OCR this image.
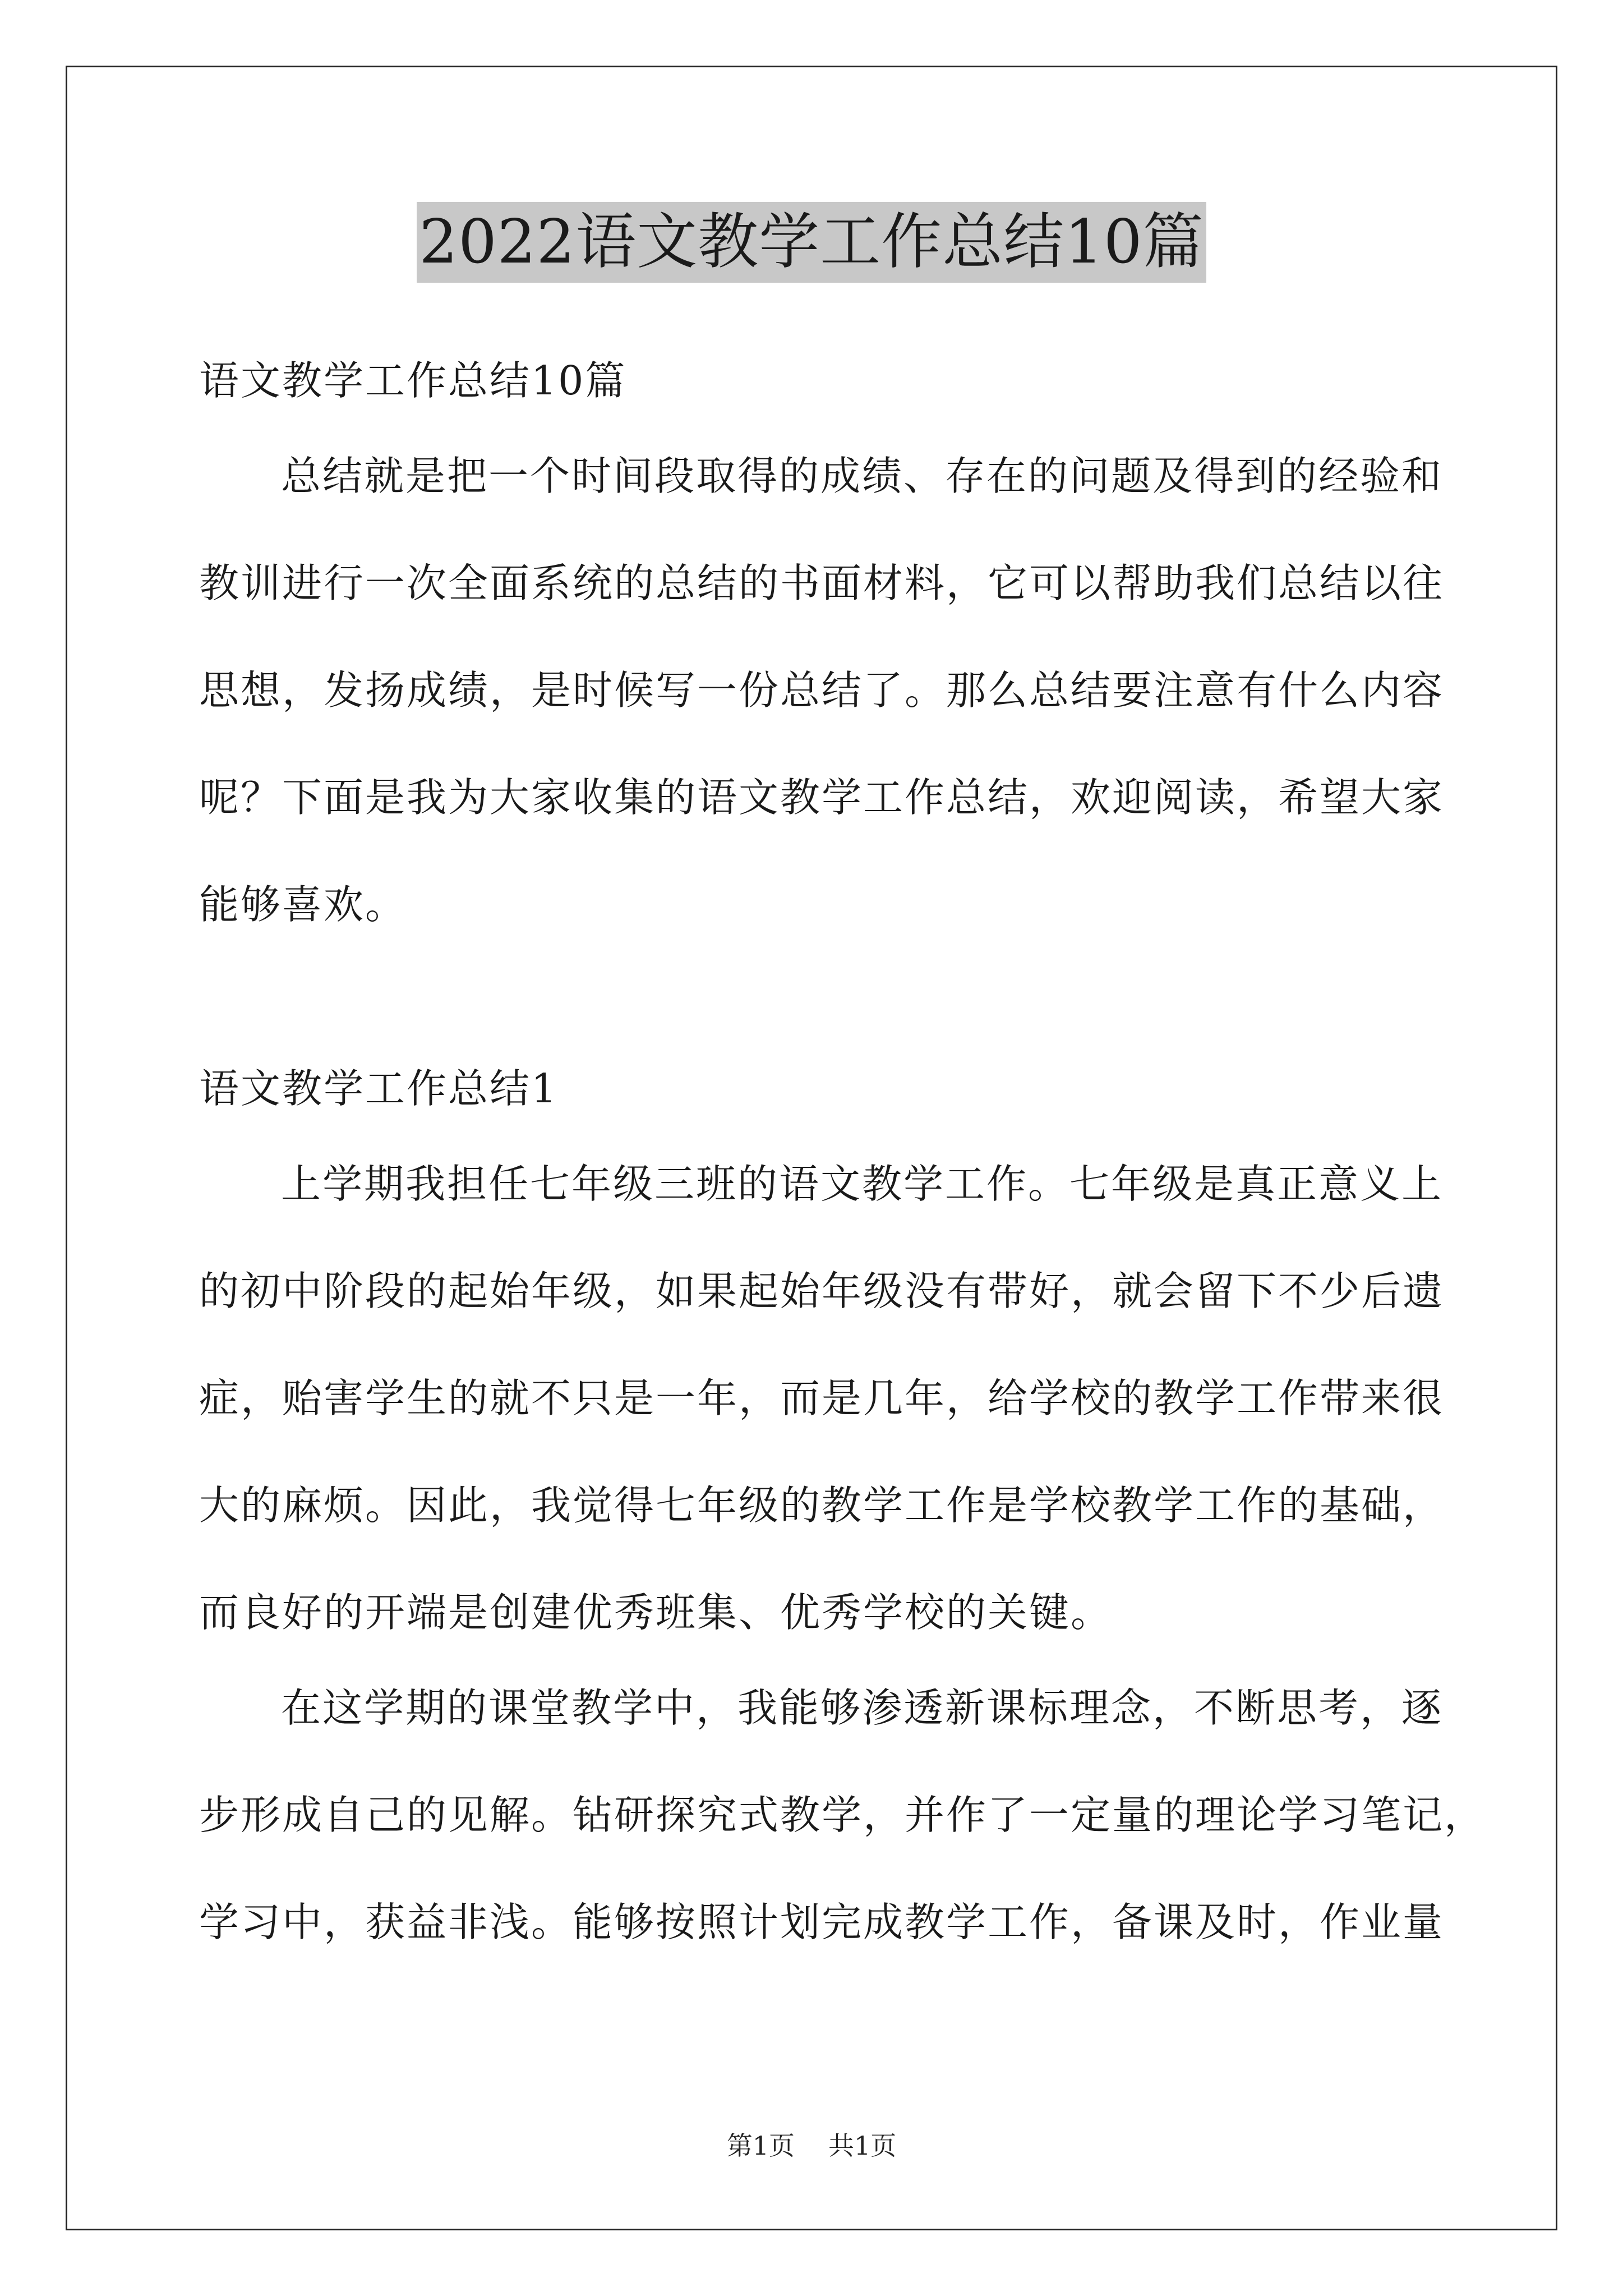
2022语文教学工作总结10篇
语文教学工作总结10篇
总结就是把一个时间段取得的成绩、存在的问题及得到的经验和
教训进行一次全面系统的总结的书面材料，它可以帮助我们总结以往
思想，发扬成绩，是时候写一份总结了。那么总结要注意有什么内容
呢？下面是我为大家收集的语文教学工作总结，欢迎阅读，希望大家
能够喜欢。
语文教学工作总结1
上学期我担任七年级三班的语文教学工作。七年级是真正意义上
的初中阶段的起始年级，如果起始年级没有带好，就会留下不少后遗
症，贻害学生的就不只是一年，而是几年，给学校的教学工作带来很
大的麻烦。因此，我觉得七年级的教学工作是学校教学工作的基础，
而良好的开端是创建优秀班集、优秀学校的关键。
在这学期的课堂教学中，我能够渗透新课标理念，不断思考，逐
步形成自己的见解。钻研探究式教学，并作了一定量的理论学习笔记，
学习中，获益非浅。能够按照计划完成教学工作，备课及时，作业量
第1页 共1页
